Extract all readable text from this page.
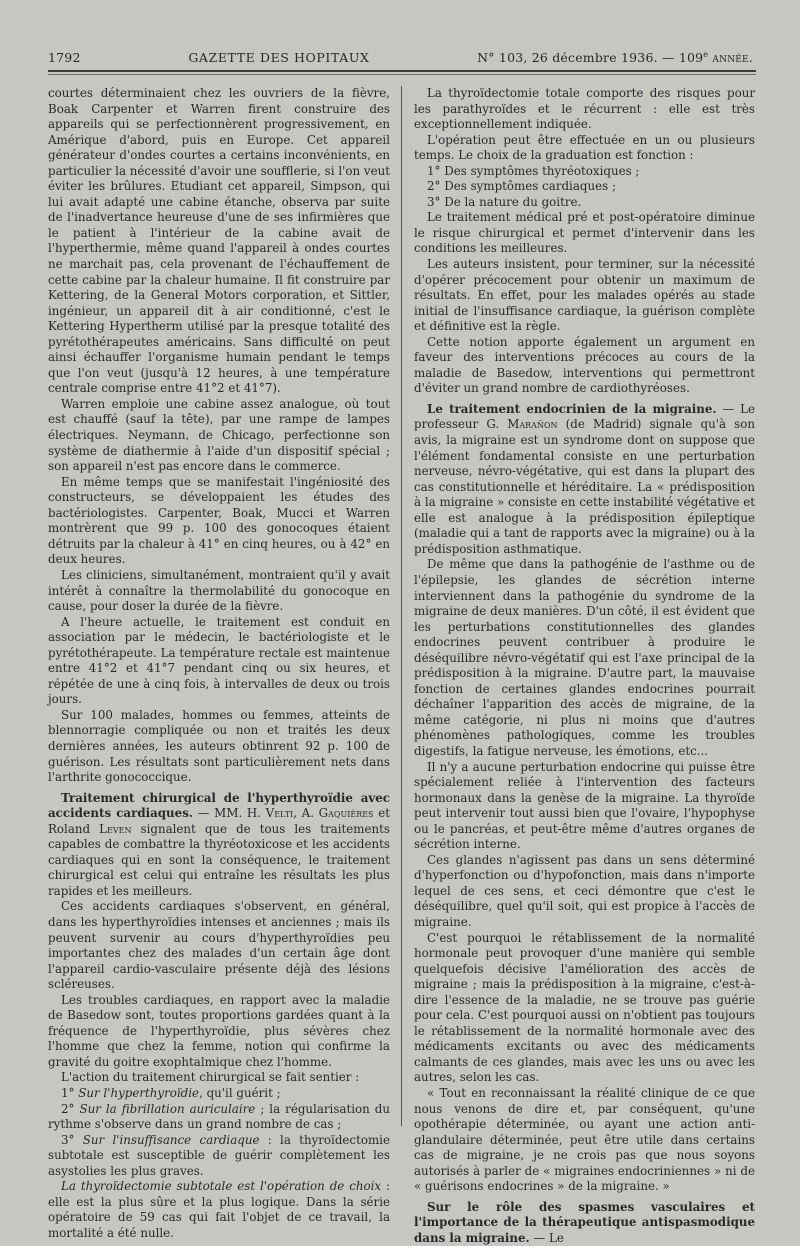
1792	GAZETTE DES HOPITAUX	N° 103, 26 décembre 1936. — 109e année.

courtes déterminaient chez les ouvriers de la fièvre, Boak Carpenter et Warren firent construire des appareils qui se perfectionnèrent progressivement, en Amérique d'abord, puis en Europe. Cet appareil générateur d'ondes courtes a certains inconvénients, en particulier la nécessité d'avoir une soufflerie, si l'on veut éviter les brûlures. Etudiant cet appareil, Simpson, qui lui avait adapté une cabine étanche, observa par suite de l'inadvertance heureuse d'une de ses infirmières que le patient à l'intérieur de la cabine avait de l'hyperthermie, même quand l'appareil à ondes courtes ne marchait pas, cela provenant de l'échauffement de cette cabine par la chaleur humaine. Il fit construire par Kettering, de la General Motors corporation, et Sittler, ingénieur, un appareil dit à air conditionné, c'est le Kettering Hypertherm utilisé par la presque totalité des pyrétothérapeutes américains. Sans difficulté on peut ainsi échauffer l'organisme humain pendant le temps que l'on veut (jusqu'à 12 heures, à une température centrale comprise entre 41°2 et 41°7).

Warren emploie une cabine assez analogue, où tout est chauffé (sauf la tête), par une rampe de lampes électriques. Neymann, de Chicago, perfectionne son système de diathermie à l'aide d'un dispositif spécial ; son appareil n'est pas encore dans le commerce.

En même temps que se manifestait l'ingéniosité des constructeurs, se développaient les études des bactériologistes. Carpenter, Boak, Mucci et Warren montrèrent que 99 p. 100 des gonocoques étaient détruits par la chaleur à 41° en cinq heures, ou à 42° en deux heures.

Les cliniciens, simultanément, montraient qu'il y avait intérêt à connaître la thermolabilité du gonocoque en cause, pour doser la durée de la fièvre.

A l'heure actuelle, le traitement est conduit en association par le médecin, le bactériologiste et le pyrétothérapeute. La température rectale est maintenue entre 41°2 et 41°7 pendant cinq ou six heures, et répétée de une à cinq fois, à intervalles de deux ou trois jours.

Sur 100 malades, hommes ou femmes, atteints de blennorragie compliquée ou non et traités les deux dernières années, les auteurs obtinrent 92 p. 100 de guérison. Les résultats sont particulièrement nets dans l'arthrite gonococcique.

Traitement chirurgical de l'hyperthyroïdie avec accidents cardiaques. — MM. H. Velti, A. Gaquières et Roland Leven signalent que de tous les traitements capables de combattre la thyréotoxicose et les accidents cardiaques qui en sont la conséquence, le traitement chirurgical est celui qui entraîne les résultats les plus rapides et les meilleurs.

Ces accidents cardiaques s'observent, en général, dans les hyperthyroïdies intenses et anciennes ; mais ils peuvent survenir au cours d'hyperthyroïdies peu importantes chez des malades d'un certain âge dont l'appareil cardio-vasculaire présente déjà des lésions scléreuses.

Les troubles cardiaques, en rapport avec la maladie de Basedow sont, toutes proportions gardées quant à la fréquence de l'hyperthyroïdie, plus sévères chez l'homme que chez la femme, notion qui confirme la gravité du goitre exophtalmique chez l'homme.

L'action du traitement chirurgical se fait sentier :

1° Sur l'hyperthyroïdie, qu'il guérit ;

2° Sur la fibrillation auriculaire ; la régularisation du rythme s'observe dans un grand nombre de cas ;

3° Sur l'insuffisance cardiaque : la thyroïdectomie subtotale est susceptible de guérir complètement les asystolies les plus graves.

La thyroïdectomie subtotale est l'opération de choix : elle est la plus sûre et la plus logique. Dans la série opératoire de 59 cas qui fait l'objet de ce travail, la mortalité a été nulle.

La thyroïdectomie totale comporte des risques pour les parathyroïdes et le récurrent : elle est très exceptionnellement indiquée.

L'opération peut être effectuée en un ou plusieurs temps. Le choix de la graduation est fonction :

1° Des symptômes thyréotoxiques ;

2° Des symptômes cardiaques ;

3° De la nature du goitre.

Le traitement médical pré et post-opératoire diminue le risque chirurgical et permet d'intervenir dans les conditions les meilleures.

Les auteurs insistent, pour terminer, sur la nécessité d'opérer précocement pour obtenir un maximum de résultats. En effet, pour les malades opérés au stade initial de l'insuffisance cardiaque, la guérison complète et définitive est la règle.

Cette notion apporte également un argument en faveur des interventions précoces au cours de la maladie de Basedow, interventions qui permettront d'éviter un grand nombre de cardiothyréoses.

Le traitement endocrinien de la migraine. — Le professeur G. Marañon (de Madrid) signale qu'à son avis, la migraine est un syndrome dont on suppose que l'élément fondamental consiste en une perturbation nerveuse, névro-végétative, qui est dans la plupart des cas constitutionnelle et héréditaire. La « prédisposition à la migraine » consiste en cette instabilité végétative et elle est analogue à la prédisposition épileptique (maladie qui a tant de rapports avec la migraine) ou à la prédisposition asthmatique.

De même que dans la pathogénie de l'asthme ou de l'épilepsie, les glandes de sécrétion interne interviennent dans la pathogénie du syndrome de la migraine de deux manières. D'un côté, il est évident que les perturbations constitutionnelles des glandes endocrines peuvent contribuer à produire le déséquilibre névro-végétatif qui est l'axe principal de la prédisposition à la migraine. D'autre part, la mauvaise fonction de certaines glandes endocrines pourrait déchaîner l'apparition des accès de migraine, de la même catégorie, ni plus ni moins que d'autres phénomènes pathologiques, comme les troubles digestifs, la fatigue nerveuse, les émotions, etc...

Il n'y a aucune perturbation endocrine qui puisse être spécialement reliée à l'intervention des facteurs hormonaux dans la genèse de la migraine. La thyroïde peut intervenir tout aussi bien que l'ovaire, l'hypophyse ou le pancréas, et peut-être même d'autres organes de sécrétion interne.

Ces glandes n'agissent pas dans un sens déterminé d'hyperfonction ou d'hypofonction, mais dans n'importe lequel de ces sens, et ceci démontre que c'est le déséquilibre, quel qu'il soit, qui est propice à l'accès de migraine.

C'est pourquoi le rétablissement de la normalité hormonale peut provoquer d'une manière qui semble quelquefois décisive l'amélioration des accès de migraine ; mais la prédisposition à la migraine, c'est-à-dire l'essence de la maladie, ne se trouve pas guérie pour cela. C'est pourquoi aussi on n'obtient pas toujours le rétablissement de la normalité hormonale avec des médicaments excitants ou avec des médicaments calmants de ces glandes, mais avec les uns ou avec les autres, selon les cas.

« Tout en reconnaissant la réalité clinique de ce que nous venons de dire et, par conséquent, qu'une opothérapie déterminée, ou ayant une action anti-glandulaire déterminée, peut être utile dans certains cas de migraine, je ne crois pas que nous soyons autorisés à parler de « migraines endocriniennes » ni de « guérisons endocrines » de la migraine. »

Sur le rôle des spasmes vasculaires et l'importance de la thérapeutique antispasmodique dans la migraine. — Le
